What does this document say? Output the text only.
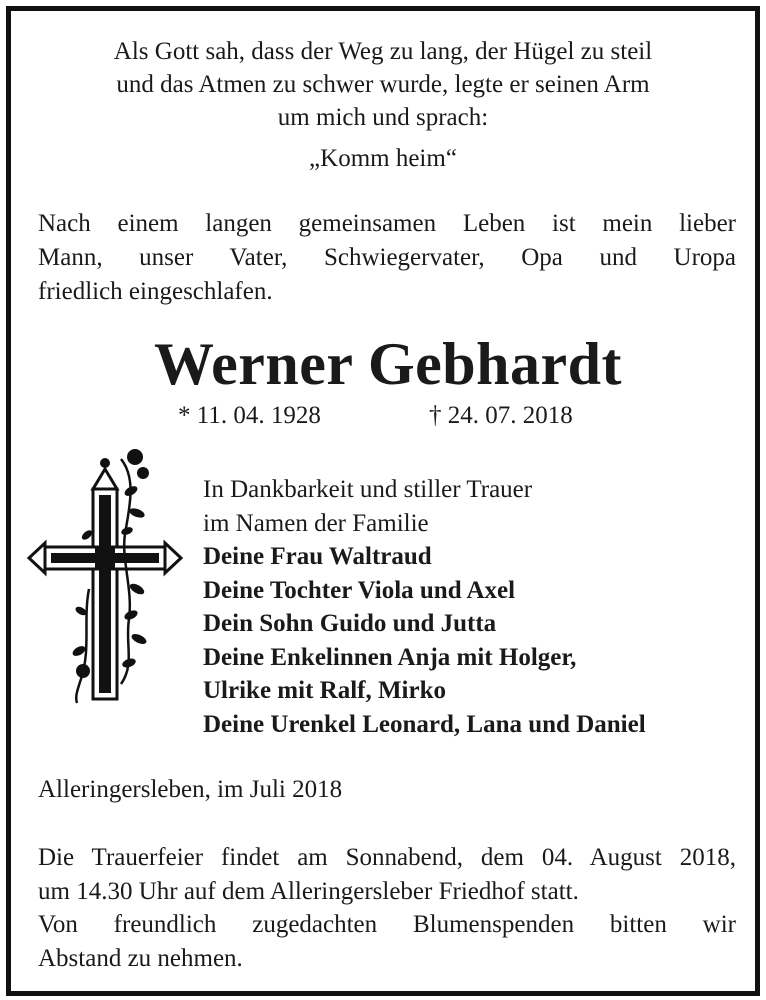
Als Gott sah, dass der Weg zu lang, der Hügel zu steil
und das Atmen zu schwer wurde, legte er seinen Arm
um mich und sprach:
„Komm heim“
Nach einem langen gemeinsamen Leben ist mein lieber
Mann, unser Vater, Schwiegervater, Opa und Uropa
friedlich eingeschlafen.
Werner Gebhardt
* 11. 04. 1928	† 24. 07. 2018
In Dankbarkeit und stiller Trauer
im Namen der Familie
Deine Frau Waltraud
Deine Tochter Viola und Axel
Dein Sohn Guido und Jutta
Deine Enkelinnen Anja mit Holger,
Ulrike mit Ralf, Mirko
Deine Urenkel Leonard, Lana und Daniel
Alleringersleben, im Juli 2018
Die Trauerfeier findet am Sonnabend, dem 04. August 2018,
um 14.30 Uhr auf dem Alleringersleber Friedhof statt.
Von freundlich zugedachten Blumenspenden bitten wir
Abstand zu nehmen.
